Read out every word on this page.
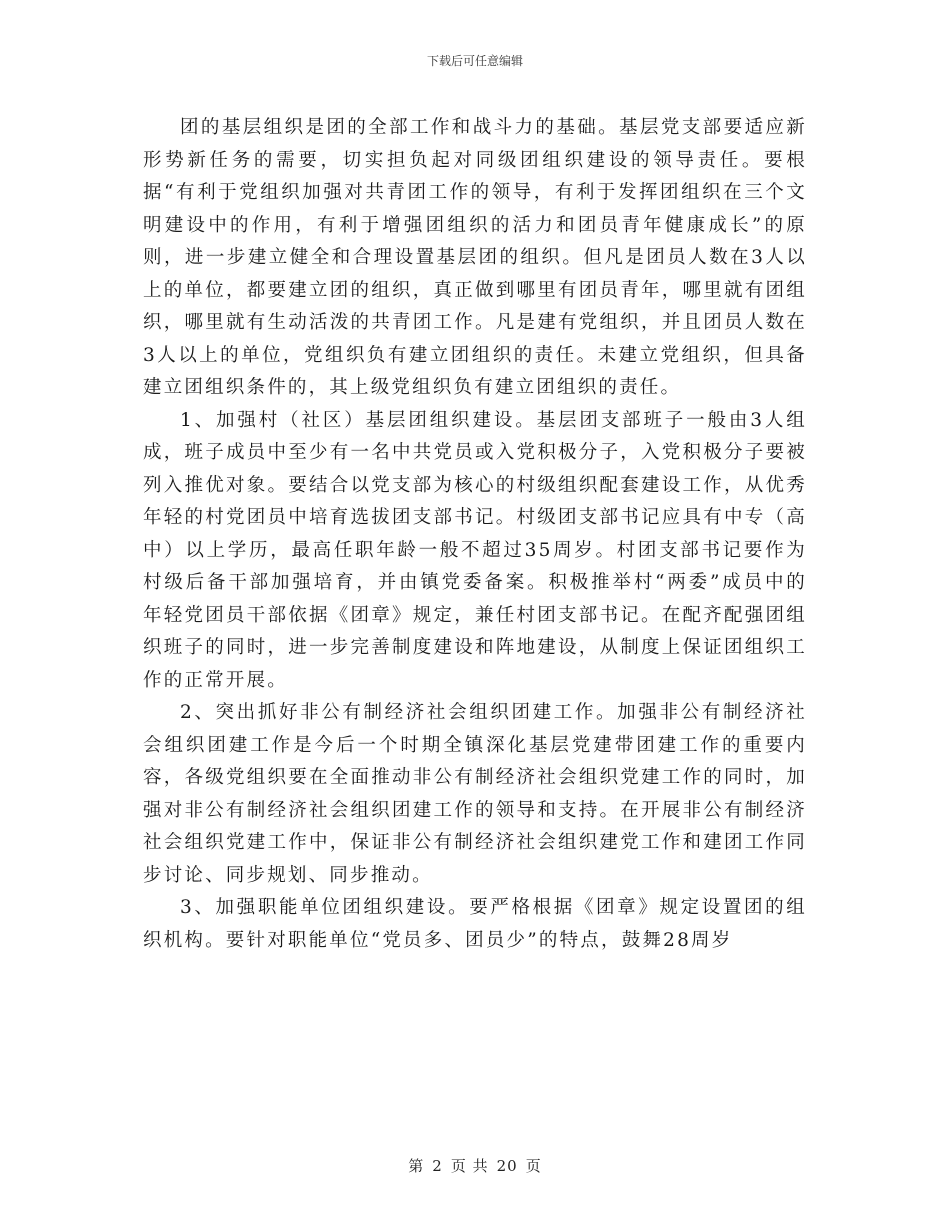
下载后可任意编辑

团的基层组织是团的全部工作和战斗力的基础。基层党支部要适应新形势新任务的需要，切实担负起对同级团组织建设的领导责任。要根据“有利于党组织加强对共青团工作的领导，有利于发挥团组织在三个文明建设中的作用，有利于增强团组织的活力和团员青年健康成长”的原则，进一步建立健全和合理设置基层团的组织。但凡是团员人数在3人以上的单位，都要建立团的组织，真正做到哪里有团员青年，哪里就有团组织，哪里就有生动活泼的共青团工作。凡是建有党组织，并且团员人数在3人以上的单位，党组织负有建立团组织的责任。未建立党组织，但具备建立团组织条件的，其上级党组织负有建立团组织的责任。

1、加强村（社区）基层团组织建设。基层团支部班子一般由3人组成，班子成员中至少有一名中共党员或入党积极分子，入党积极分子要被列入推优对象。要结合以党支部为核心的村级组织配套建设工作，从优秀年轻的村党团员中培育选拔团支部书记。村级团支部书记应具有中专（高中）以上学历，最高任职年龄一般不超过35周岁。村团支部书记要作为村级后备干部加强培育，并由镇党委备案。积极推举村“两委”成员中的年轻党团员干部依据《团章》规定，兼任村团支部书记。在配齐配强团组织班子的同时，进一步完善制度建设和阵地建设，从制度上保证团组织工作的正常开展。

2、突出抓好非公有制经济社会组织团建工作。加强非公有制经济社会组织团建工作是今后一个时期全镇深化基层党建带团建工作的重要内容，各级党组织要在全面推动非公有制经济社会组织党建工作的同时，加强对非公有制经济社会组织团建工作的领导和支持。在开展非公有制经济社会组织党建工作中，保证非公有制经济社会组织建党工作和建团工作同步讨论、同步规划、同步推动。

3、加强职能单位团组织建设。要严格根据《团章》规定设置团的组织机构。要针对职能单位“党员多、团员少”的特点，鼓舞28周岁

第 2 页 共 20 页
